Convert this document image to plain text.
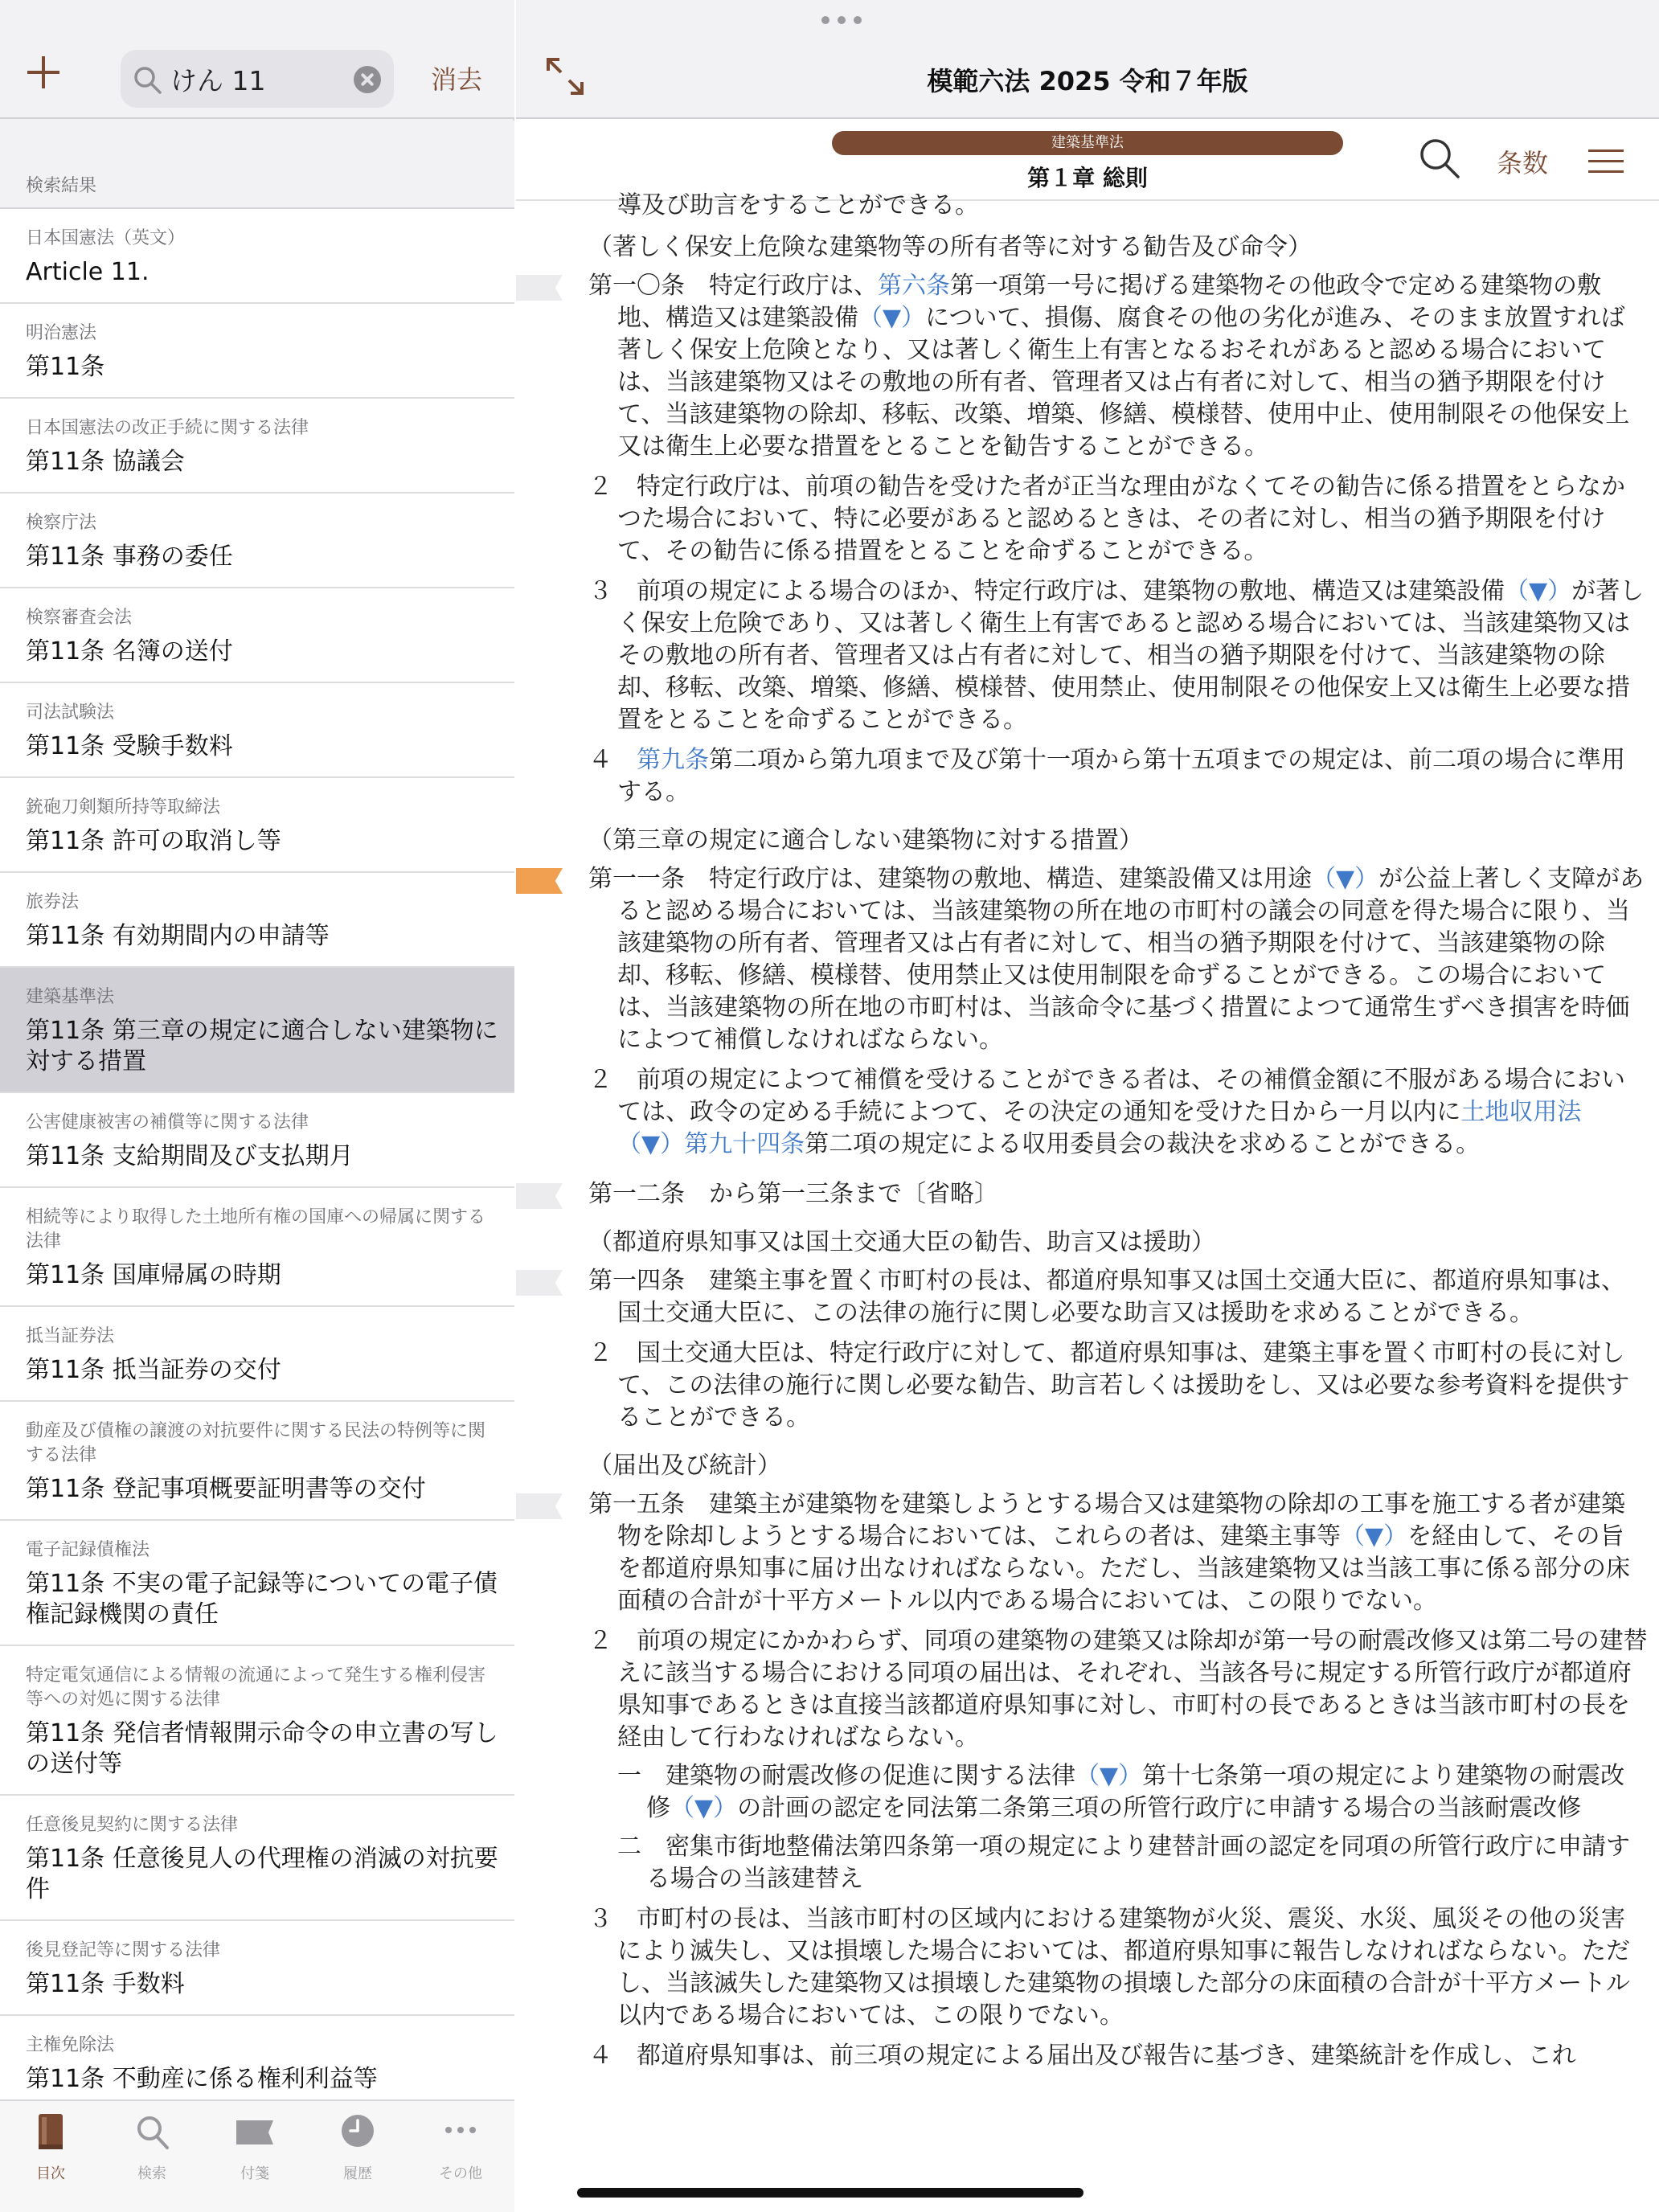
けん 11
消去
検索結果
日本国憲法（英文）
Article 11.
明治憲法
第11条
日本国憲法の改正手続に関する法律
第11条 協議会
検察庁法
第11条 事務の委任
検察審査会法
第11条 名簿の送付
司法試験法
第11条 受験手数料
銃砲刀剣類所持等取締法
第11条 許可の取消し等
旅券法
第11条 有効期間内の申請等
建築基準法
第11条 第三章の規定に適合しない建築物に対する措置
公害健康被害の補償等に関する法律
第11条 支給期間及び支払期月
相続等により取得した土地所有権の国庫への帰属に関する法律
第11条 国庫帰属の時期
抵当証券法
第11条 抵当証券の交付
動産及び債権の譲渡の対抗要件に関する民法の特例等に関する法律
第11条 登記事項概要証明書等の交付
電子記録債権法
第11条 不実の電子記録等についての電子債権記録機関の責任
特定電気通信による情報の流通によって発生する権利侵害等への対処に関する法律
第11条 発信者情報開示命令の申立書の写しの送付等
任意後見契約に関する法律
第11条 任意後見人の代理権の消滅の対抗要件
後見登記等に関する法律
第11条 手数料
主権免除法
第11条 不動産に係る権利利益等
目次	検索	付箋	履歴	その他
模範六法 2025 令和７年版
建築基準法
第１章 総則	条数
導及び助言をすることができる。
（著しく保安上危険な建築物等の所有者等に対する勧告及び命令）
第一〇条　特定行政庁は、第六条第一項第一号に掲げる建築物その他政令で定める建築物の敷地、構造又は建築設備（▼）について、損傷、腐食その他の劣化が進み、そのまま放置すれば著しく保安上危険となり、又は著しく衛生上有害となるおそれがあると認める場合においては、当該建築物又はその敷地の所有者、管理者又は占有者に対して、相当の猶予期限を付けて、当該建築物の除却、移転、改築、増築、修繕、模様替、使用中止、使用制限その他保安上又は衛生上必要な措置をとることを勧告することができる。
２　特定行政庁は、前項の勧告を受けた者が正当な理由がなくてその勧告に係る措置をとらなかつた場合において、特に必要があると認めるときは、その者に対し、相当の猶予期限を付けて、その勧告に係る措置をとることを命ずることができる。
３　前項の規定による場合のほか、特定行政庁は、建築物の敷地、構造又は建築設備（▼）が著しく保安上危険であり、又は著しく衛生上有害であると認める場合においては、当該建築物又はその敷地の所有者、管理者又は占有者に対して、相当の猶予期限を付けて、当該建築物の除却、移転、改築、増築、修繕、模様替、使用禁止、使用制限その他保安上又は衛生上必要な措置をとることを命ずることができる。
４　第九条第二項から第九項まで及び第十一項から第十五項までの規定は、前二項の場合に準用する。
（第三章の規定に適合しない建築物に対する措置）
第一一条　特定行政庁は、建築物の敷地、構造、建築設備又は用途（▼）が公益上著しく支障があると認める場合においては、当該建築物の所在地の市町村の議会の同意を得た場合に限り、当該建築物の所有者、管理者又は占有者に対して、相当の猶予期限を付けて、当該建築物の除却、移転、修繕、模様替、使用禁止又は使用制限を命ずることができる。この場合においては、当該建築物の所在地の市町村は、当該命令に基づく措置によつて通常生ずべき損害を時価によつて補償しなければならない。
２　前項の規定によつて補償を受けることができる者は、その補償金額に不服がある場合においては、政令の定める手続によつて、その決定の通知を受けた日から一月以内に土地収用法（▼）第九十四条第二項の規定による収用委員会の裁決を求めることができる。
第一二条　から第一三条まで〔省略〕
（都道府県知事又は国土交通大臣の勧告、助言又は援助）
第一四条　建築主事を置く市町村の長は、都道府県知事又は国土交通大臣に、都道府県知事は、国土交通大臣に、この法律の施行に関し必要な助言又は援助を求めることができる。
２　国土交通大臣は、特定行政庁に対して、都道府県知事は、建築主事を置く市町村の長に対して、この法律の施行に関し必要な勧告、助言若しくは援助をし、又は必要な参考資料を提供することができる。
（届出及び統計）
第一五条　建築主が建築物を建築しようとする場合又は建築物の除却の工事を施工する者が建築物を除却しようとする場合においては、これらの者は、建築主事等（▼）を経由して、その旨を都道府県知事に届け出なければならない。ただし、当該建築物又は当該工事に係る部分の床面積の合計が十平方メートル以内である場合においては、この限りでない。
２　前項の規定にかかわらず、同項の建築物の建築又は除却が第一号の耐震改修又は第二号の建替えに該当する場合における同項の届出は、それぞれ、当該各号に規定する所管行政庁が都道府県知事であるときは直接当該都道府県知事に対し、市町村の長であるときは当該市町村の長を経由して行わなければならない。
一　建築物の耐震改修の促進に関する法律（▼）第十七条第一項の規定により建築物の耐震改修（▼）の計画の認定を同法第二条第三項の所管行政庁に申請する場合の当該耐震改修
二　密集市街地整備法第四条第一項の規定により建替計画の認定を同項の所管行政庁に申請する場合の当該建替え
３　市町村の長は、当該市町村の区域内における建築物が火災、震災、水災、風災その他の災害により滅失し、又は損壊した場合においては、都道府県知事に報告しなければならない。ただし、当該滅失した建築物又は損壊した建築物の損壊した部分の床面積の合計が十平方メートル以内である場合においては、この限りでない。
４　都道府県知事は、前三項の規定による届出及び報告に基づき、建築統計を作成し、これ
